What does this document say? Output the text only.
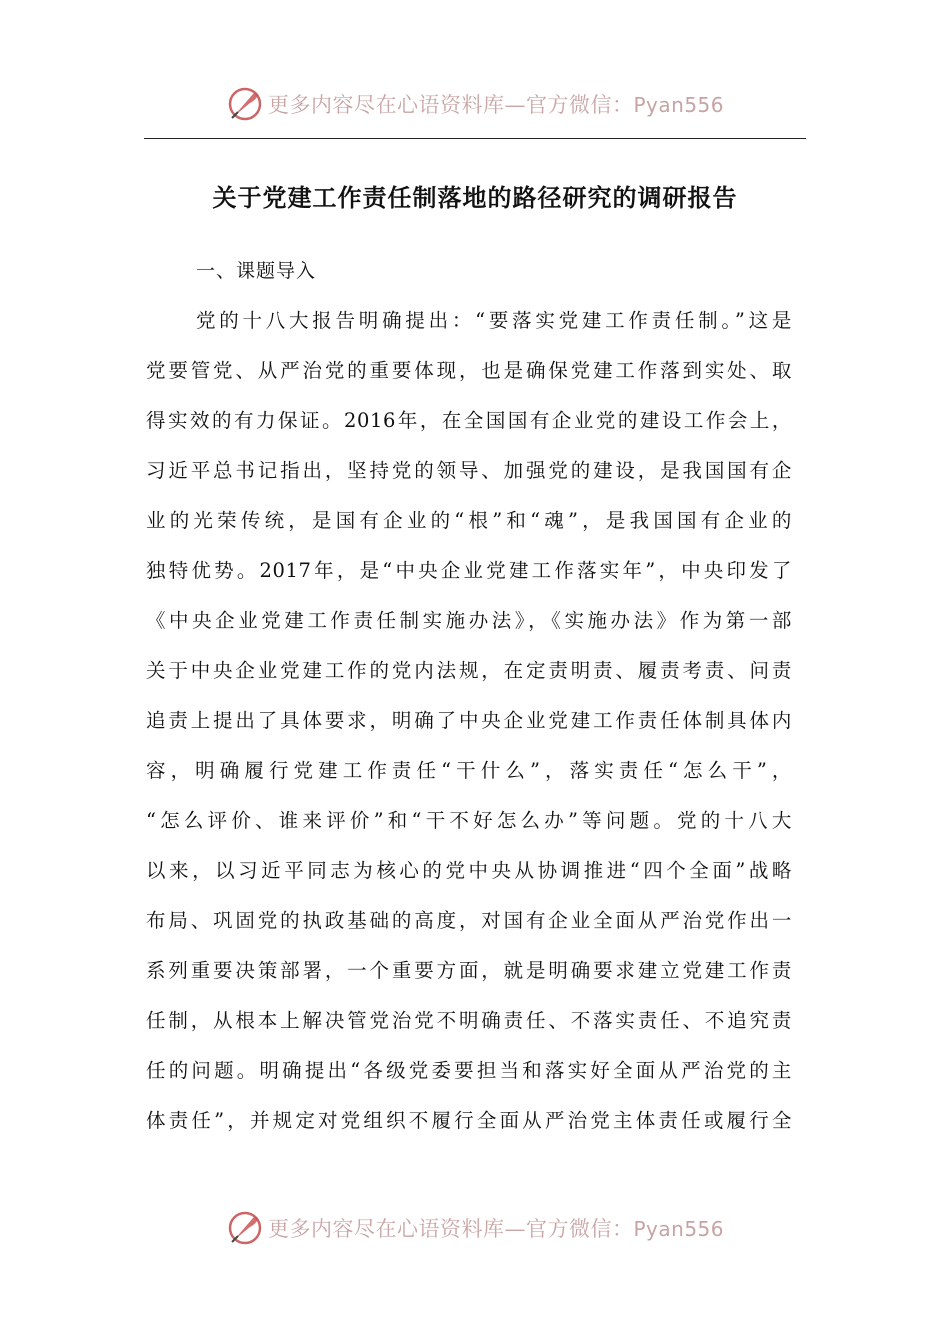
更多内容尽在心语资料库—官方微信：Pyan556
关于党建工作责任制落地的路径研究的调研报告
一、课题导入
党的十八大报告明确提出：“要落实党建工作责任制。”这是
党要管党、从严治党的重要体现，也是确保党建工作落到实处、取
得实效的有力保证。2016年，在全国国有企业党的建设工作会上，
习近平总书记指出，坚持党的领导、加强党的建设，是我国国有企
业的光荣传统，是国有企业的“根”和“魂”，是我国国有企业的
独特优势。2017年，是“中央企业党建工作落实年”，中央印发了
《中央企业党建工作责任制实施办法》，《实施办法》作为第一部
关于中央企业党建工作的党内法规，在定责明责、履责考责、问责
追责上提出了具体要求，明确了中央企业党建工作责任体制具体内
容，明确履行党建工作责任“干什么”，落实责任“怎么干”，
“怎么评价、谁来评价”和“干不好怎么办”等问题。党的十八大
以来，以习近平同志为核心的党中央从协调推进“四个全面”战略
布局、巩固党的执政基础的高度，对国有企业全面从严治党作出一
系列重要决策部署，一个重要方面，就是明确要求建立党建工作责
任制，从根本上解决管党治党不明确责任、不落实责任、不追究责
任的问题。明确提出“各级党委要担当和落实好全面从严治党的主
体责任”，并规定对党组织不履行全面从严治党主体责任或履行全
更多内容尽在心语资料库—官方微信：Pyan556
